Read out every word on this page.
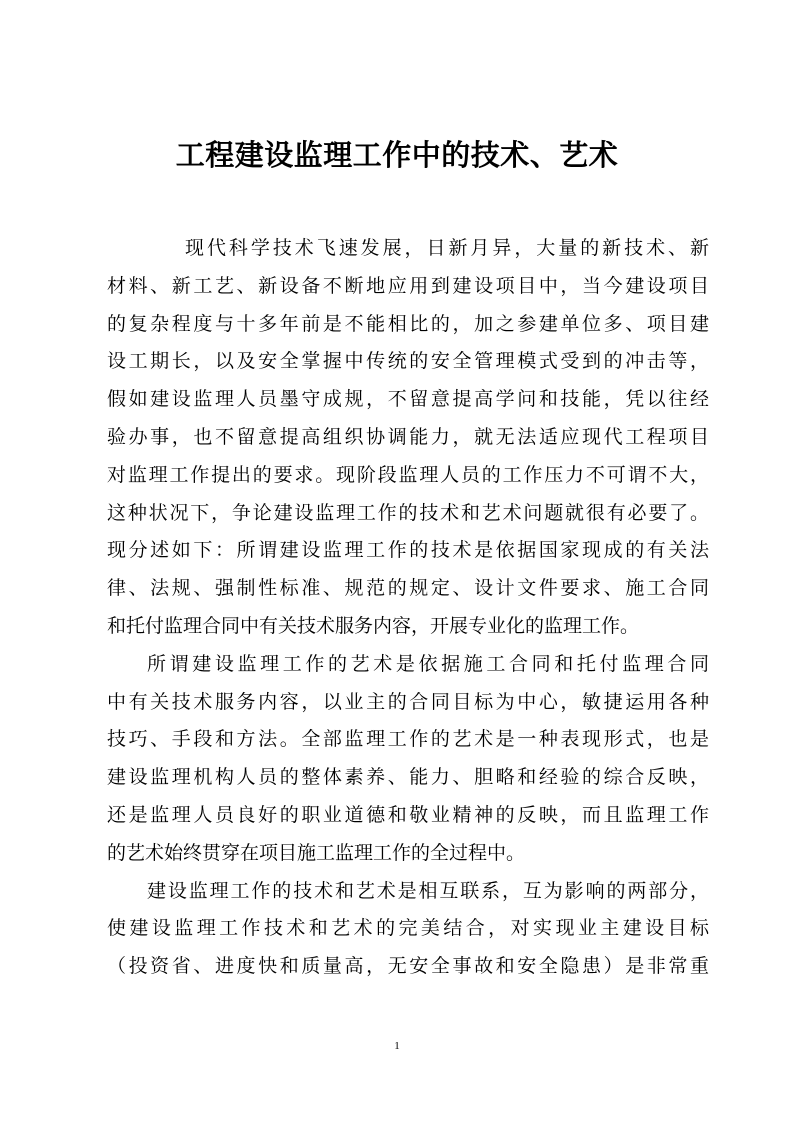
工程建设监理工作中的技术、艺术
现代科学技术飞速发展，日新月异，大量的新技术、新
材料、新工艺、新设备不断地应用到建设项目中，当今建设项目
的复杂程度与十多年前是不能相比的，加之参建单位多、项目建
设工期长，以及安全掌握中传统的安全管理模式受到的冲击等，
假如建设监理人员墨守成规，不留意提高学问和技能，凭以往经
验办事，也不留意提高组织协调能力，就无法适应现代工程项目
对监理工作提出的要求。现阶段监理人员的工作压力不可谓不大，
这种状况下，争论建设监理工作的技术和艺术问题就很有必要了。
现分述如下：所谓建设监理工作的技术是依据国家现成的有关法
律、法规、强制性标准、规范的规定、设计文件要求、施工合同
和托付监理合同中有关技术服务内容，开展专业化的监理工作。
所谓建设监理工作的艺术是依据施工合同和托付监理合同
中有关技术服务内容，以业主的合同目标为中心，敏捷运用各种
技巧、手段和方法。全部监理工作的艺术是一种表现形式，也是
建设监理机构人员的整体素养、能力、胆略和经验的综合反映，
还是监理人员良好的职业道德和敬业精神的反映，而且监理工作
的艺术始终贯穿在项目施工监理工作的全过程中。
建设监理工作的技术和艺术是相互联系，互为影响的两部分，
使建设监理工作技术和艺术的完美结合，对实现业主建设目标
（投资省、进度快和质量高，无安全事故和安全隐患）是非常重
1
